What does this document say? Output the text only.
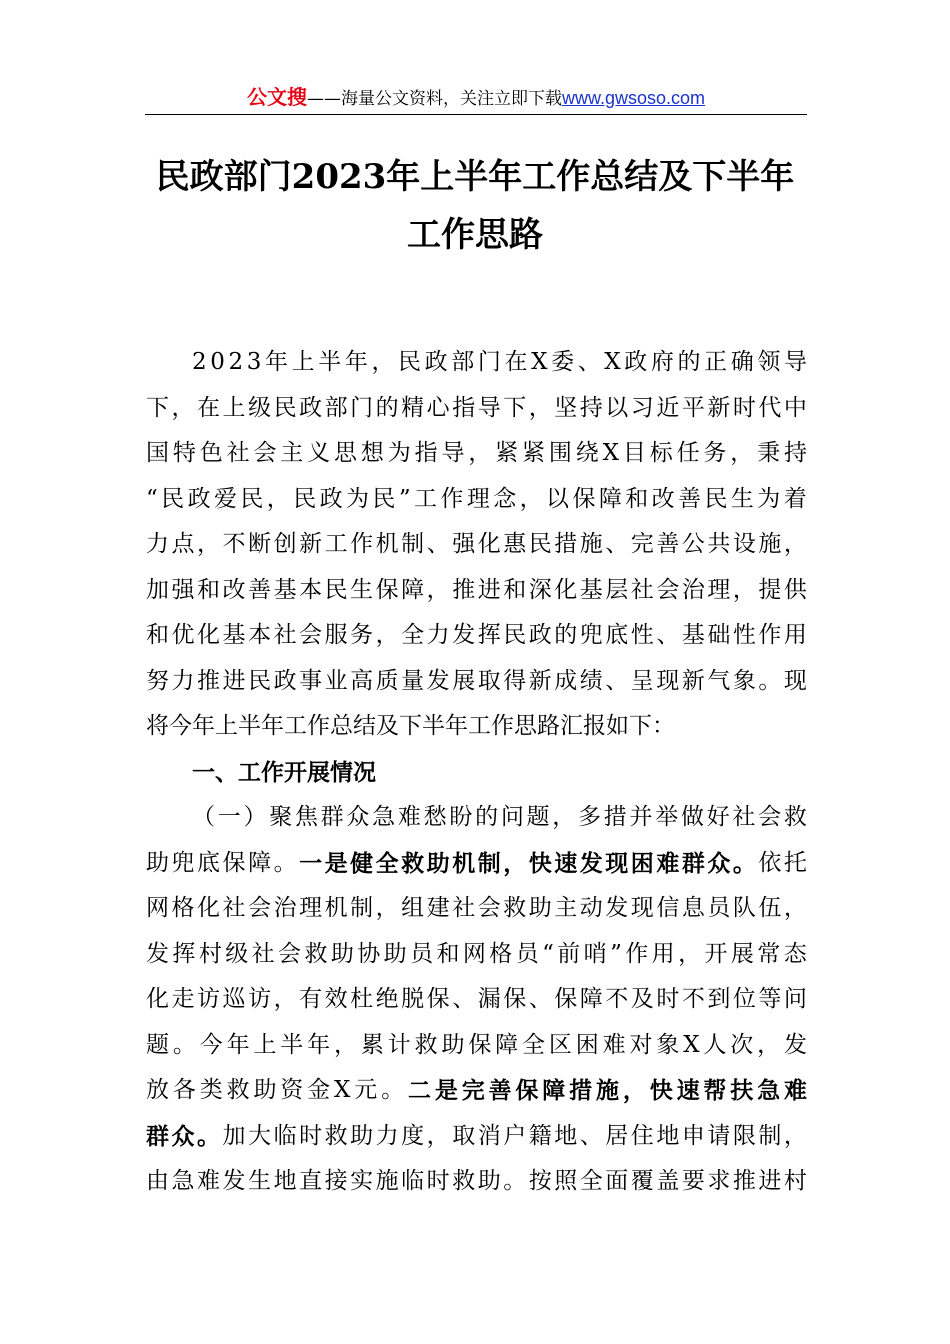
公文搜——海量公文资料，关注立即下载www.gwsoso.com
民政部门2023年上半年工作总结及下半年
工作思路
2 0 2 3 年 上 半 年 ， 民 政 部 门 在 X 委 、 X 政 府 的 正 确 领 导
下 ， 在 上 级 民 政 部 门 的 精 心 指 导 下 ， 坚 持 以 习 近 平 新 时 代 中
国 特 色 社 会 主 义 思 想 为 指 导 ， 紧 紧 围 绕 X 目 标 任 务 ， 秉 持
“ 民 政 爱 民 ， 民 政 为 民 ” 工 作 理 念 ， 以 保 障 和 改 善 民 生 为 着
力 点 ， 不 断 创 新 工 作 机 制 、 强 化 惠 民 措 施 、 完 善 公 共 设 施 ，
加 强 和 改 善 基 本 民 生 保 障 ， 推 进 和 深 化 基 层 社 会 治 理 ， 提 供
和 优 化 基 本 社 会 服 务 ， 全 力 发 挥 民 政 的 兜 底 性 、 基 础 性 作 用
努 力 推 进 民 政 事 业 高 质 量 发 展 取 得 新 成 绩 、 呈 现 新 气 象 。 现
将今年上半年工作总结及下半年工作思路汇报如下：
一、工作开展情况
（ 一 ） 聚 焦 群 众 急 难 愁 盼 的 问 题 ， 多 措 并 举 做 好 社 会 救
助 兜 底 保 障 。 一 是 健 全 救 助 机 制 ， 快 速 发 现 困 难 群 众 。 依 托
网 格 化 社 会 治 理 机 制 ， 组 建 社 会 救 助 主 动 发 现 信 息 员 队 伍 ，
发 挥 村 级 社 会 救 助 协 助 员 和 网 格 员 “ 前 哨 ” 作 用 ， 开 展 常 态
化 走 访 巡 访 ， 有 效 杜 绝 脱 保 、 漏 保 、 保 障 不 及 时 不 到 位 等 问
题 。 今 年 上 半 年 ， 累 计 救 助 保 障 全 区 困 难 对 象 X 人 次 ， 发
放 各 类 救 助 资 金 X 元 。 二 是 完 善 保 障 措 施 ， 快 速 帮 扶 急 难
群 众 。 加 大 临 时 救 助 力 度 ， 取 消 户 籍 地 、 居 住 地 申 请 限 制 ，
由 急 难 发 生 地 直 接 实 施 临 时 救 助 。 按 照 全 面 覆 盖 要 求 推 进 村
